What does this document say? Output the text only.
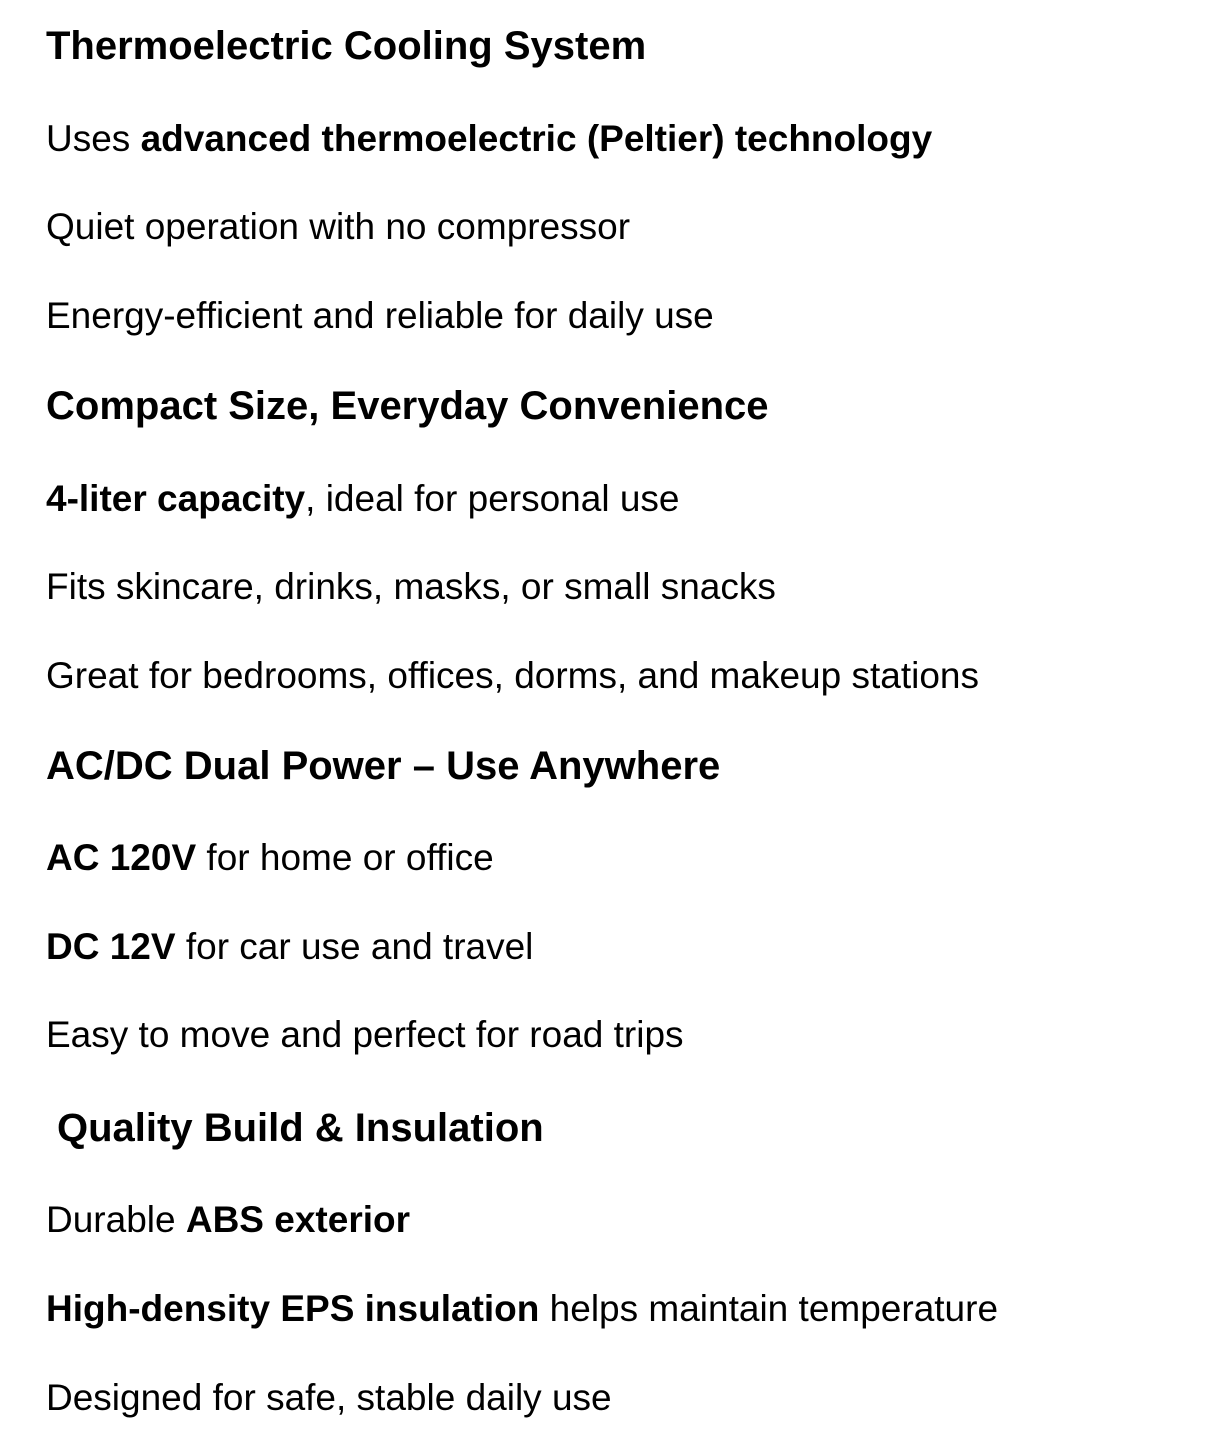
Thermoelectric Cooling System
Uses advanced thermoelectric (Peltier) technology
Quiet operation with no compressor
Energy-efficient and reliable for daily use
Compact Size, Everyday Convenience
4-liter capacity, ideal for personal use
Fits skincare, drinks, masks, or small snacks
Great for bedrooms, offices, dorms, and makeup stations
AC/DC Dual Power – Use Anywhere
AC 120V for home or office
DC 12V for car use and travel
Easy to move and perfect for road trips
Quality Build & Insulation
Durable ABS exterior
High-density EPS insulation helps maintain temperature
Designed for safe, stable daily use
